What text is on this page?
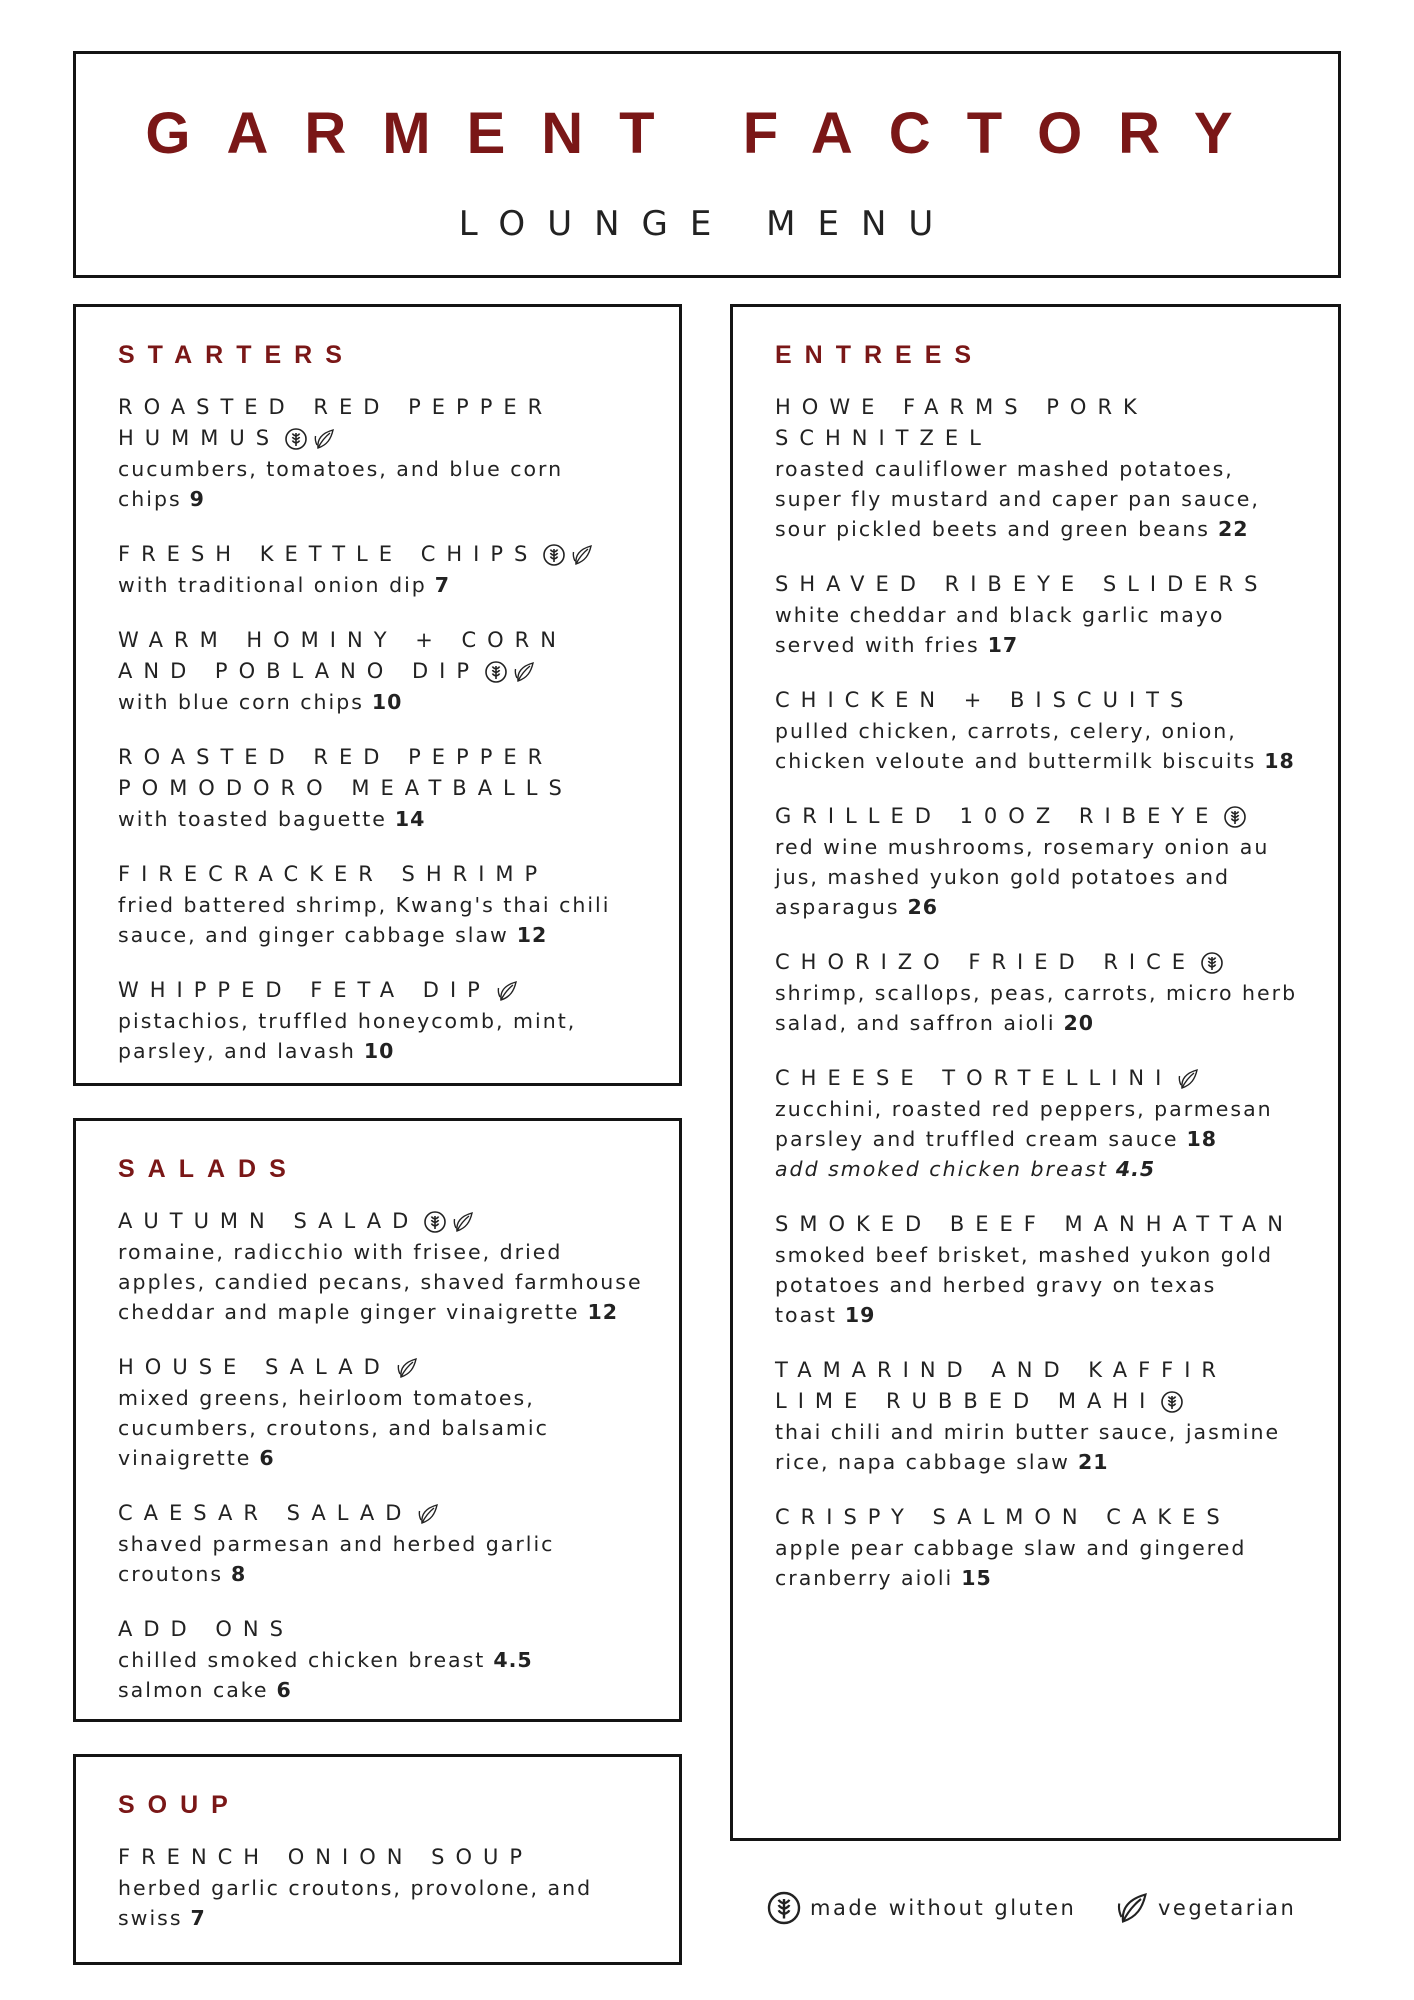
GARMENT FACTORY
LOUNGE MENU
STARTERS
ROASTED RED PEPPER HUMMUS
cucumbers, tomatoes, and blue corn chips 9
FRESH KETTLE CHIPS
with traditional onion dip 7
WARM HOMINY + CORN AND POBLANO DIP
with blue corn chips 10
ROASTED RED PEPPER POMODORO MEATBALLS
with toasted baguette 14
FIRECRACKER SHRIMP
fried battered shrimp, Kwang's thai chili sauce, and ginger cabbage slaw 12
WHIPPED FETA DIP
pistachios, truffled honeycomb, mint, parsley, and lavash 10
SALADS
AUTUMN SALAD
romaine, radicchio with frisee, dried apples, candied pecans, shaved farmhouse cheddar and maple ginger vinaigrette 12
HOUSE SALAD
mixed greens, heirloom tomatoes, cucumbers, croutons, and balsamic vinaigrette 6
CAESAR SALAD
shaved parmesan and herbed garlic croutons 8
ADD ONS
chilled smoked chicken breast 4.5
salmon cake 6
SOUP
FRENCH ONION SOUP
herbed garlic croutons, provolone, and swiss 7
ENTREES
HOWE FARMS PORK SCHNITZEL
roasted cauliflower mashed potatoes, super fly mustard and caper pan sauce, sour pickled beets and green beans 22
SHAVED RIBEYE SLIDERS
white cheddar and black garlic mayo served with fries 17
CHICKEN + BISCUITS
pulled chicken, carrots, celery, onion, chicken veloute and buttermilk biscuits 18
GRILLED 10OZ RIBEYE
red wine mushrooms, rosemary onion au jus, mashed yukon gold potatoes and asparagus 26
CHORIZO FRIED RICE
shrimp, scallops, peas, carrots, micro herb salad, and saffron aioli 20
CHEESE TORTELLINI
zucchini, roasted red peppers, parmesan parsley and truffled cream sauce 18
add smoked chicken breast 4.5
SMOKED BEEF MANHATTAN
smoked beef brisket, mashed yukon gold potatoes and herbed gravy on texas toast 19
TAMARIND AND KAFFIR LIME RUBBED MAHI
thai chili and mirin butter sauce, jasmine rice, napa cabbage slaw 21
CRISPY SALMON CAKES
apple pear cabbage slaw and gingered cranberry aioli 15
made without gluten	vegetarian
